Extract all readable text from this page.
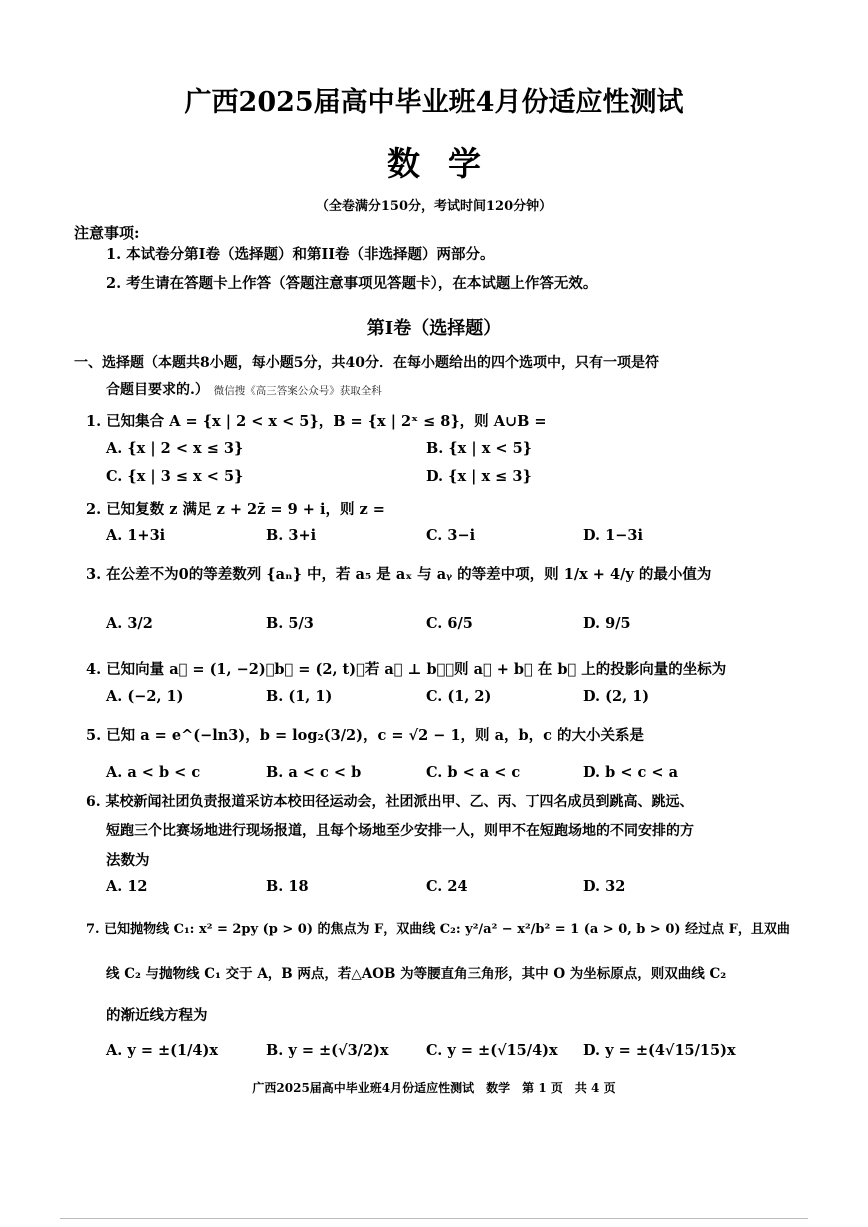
广西2025届高中毕业班4月份适应性测试
数学
（全卷满分150分，考试时间120分钟）
注意事项:
1. 本试卷分第I卷（选择题）和第II卷（非选择题）两部分。
2. 考生请在答题卡上作答（答题注意事项见答题卡），在本试题上作答无效。
第I卷（选择题）
一、选择题（本题共8小题，每小题5分，共40分．在每小题给出的四个选项中，只有一项是符
合题目要求的.） 微信搜《高三答案公众号》获取全科
1. 已知集合 A = {x | 2 < x < 5}，B = {x | 2ˣ ≤ 8}，则 A∪B =
A. {x | 2 < x ≤ 3}	B. {x | x < 5}
C. {x | 3 ≤ x < 5}	D. {x | x ≤ 3}
2. 已知复数 z 满足 z + 2z̄ = 9 + i，则 z =
A. 1+3i	B. 3+i	C. 3−i	D. 1−3i
3. 在公差不为0的等差数列 {aₙ} 中，若 a₅ 是 aₓ 与 aᵧ 的等差中项，则 1/x + 4/y 的最小值为
A. 3/2	B. 5/3	C. 6/5	D. 9/5
4. 已知向量 a⃗ = (1, −2)，b⃗ = (2, t)，若 a⃗ ⊥ b⃗，则 a⃗ + b⃗ 在 b⃗ 上的投影向量的坐标为
A. (−2, 1)	B. (1, 1)	C. (1, 2)	D. (2, 1)
5. 已知 a = e^(−ln3)，b = log₂(3/2)，c = √2 − 1，则 a，b，c 的大小关系是
A. a < b < c	B. a < c < b	C. b < a < c	D. b < c < a
6. 某校新闻社团负责报道采访本校田径运动会，社团派出甲、乙、丙、丁四名成员到跳高、跳远、
短跑三个比赛场地进行现场报道，且每个场地至少安排一人，则甲不在短跑场地的不同安排的方
法数为
A. 12	B. 18	C. 24	D. 32
7. 已知抛物线 C₁: x² = 2py (p > 0) 的焦点为 F，双曲线 C₂: y²/a² − x²/b² = 1 (a > 0, b > 0) 经过点 F，且双曲
线 C₂ 与抛物线 C₁ 交于 A，B 两点，若△AOB 为等腰直角三角形，其中 O 为坐标原点，则双曲线 C₂
的渐近线方程为
A. y = ±(1/4)x	B. y = ±(√3/2)x	C. y = ±(√15/4)x D. y = ±(4√15/15)x
广西2025届高中毕业班4月份适应性测试　数学　第 1 页　共 4 页
